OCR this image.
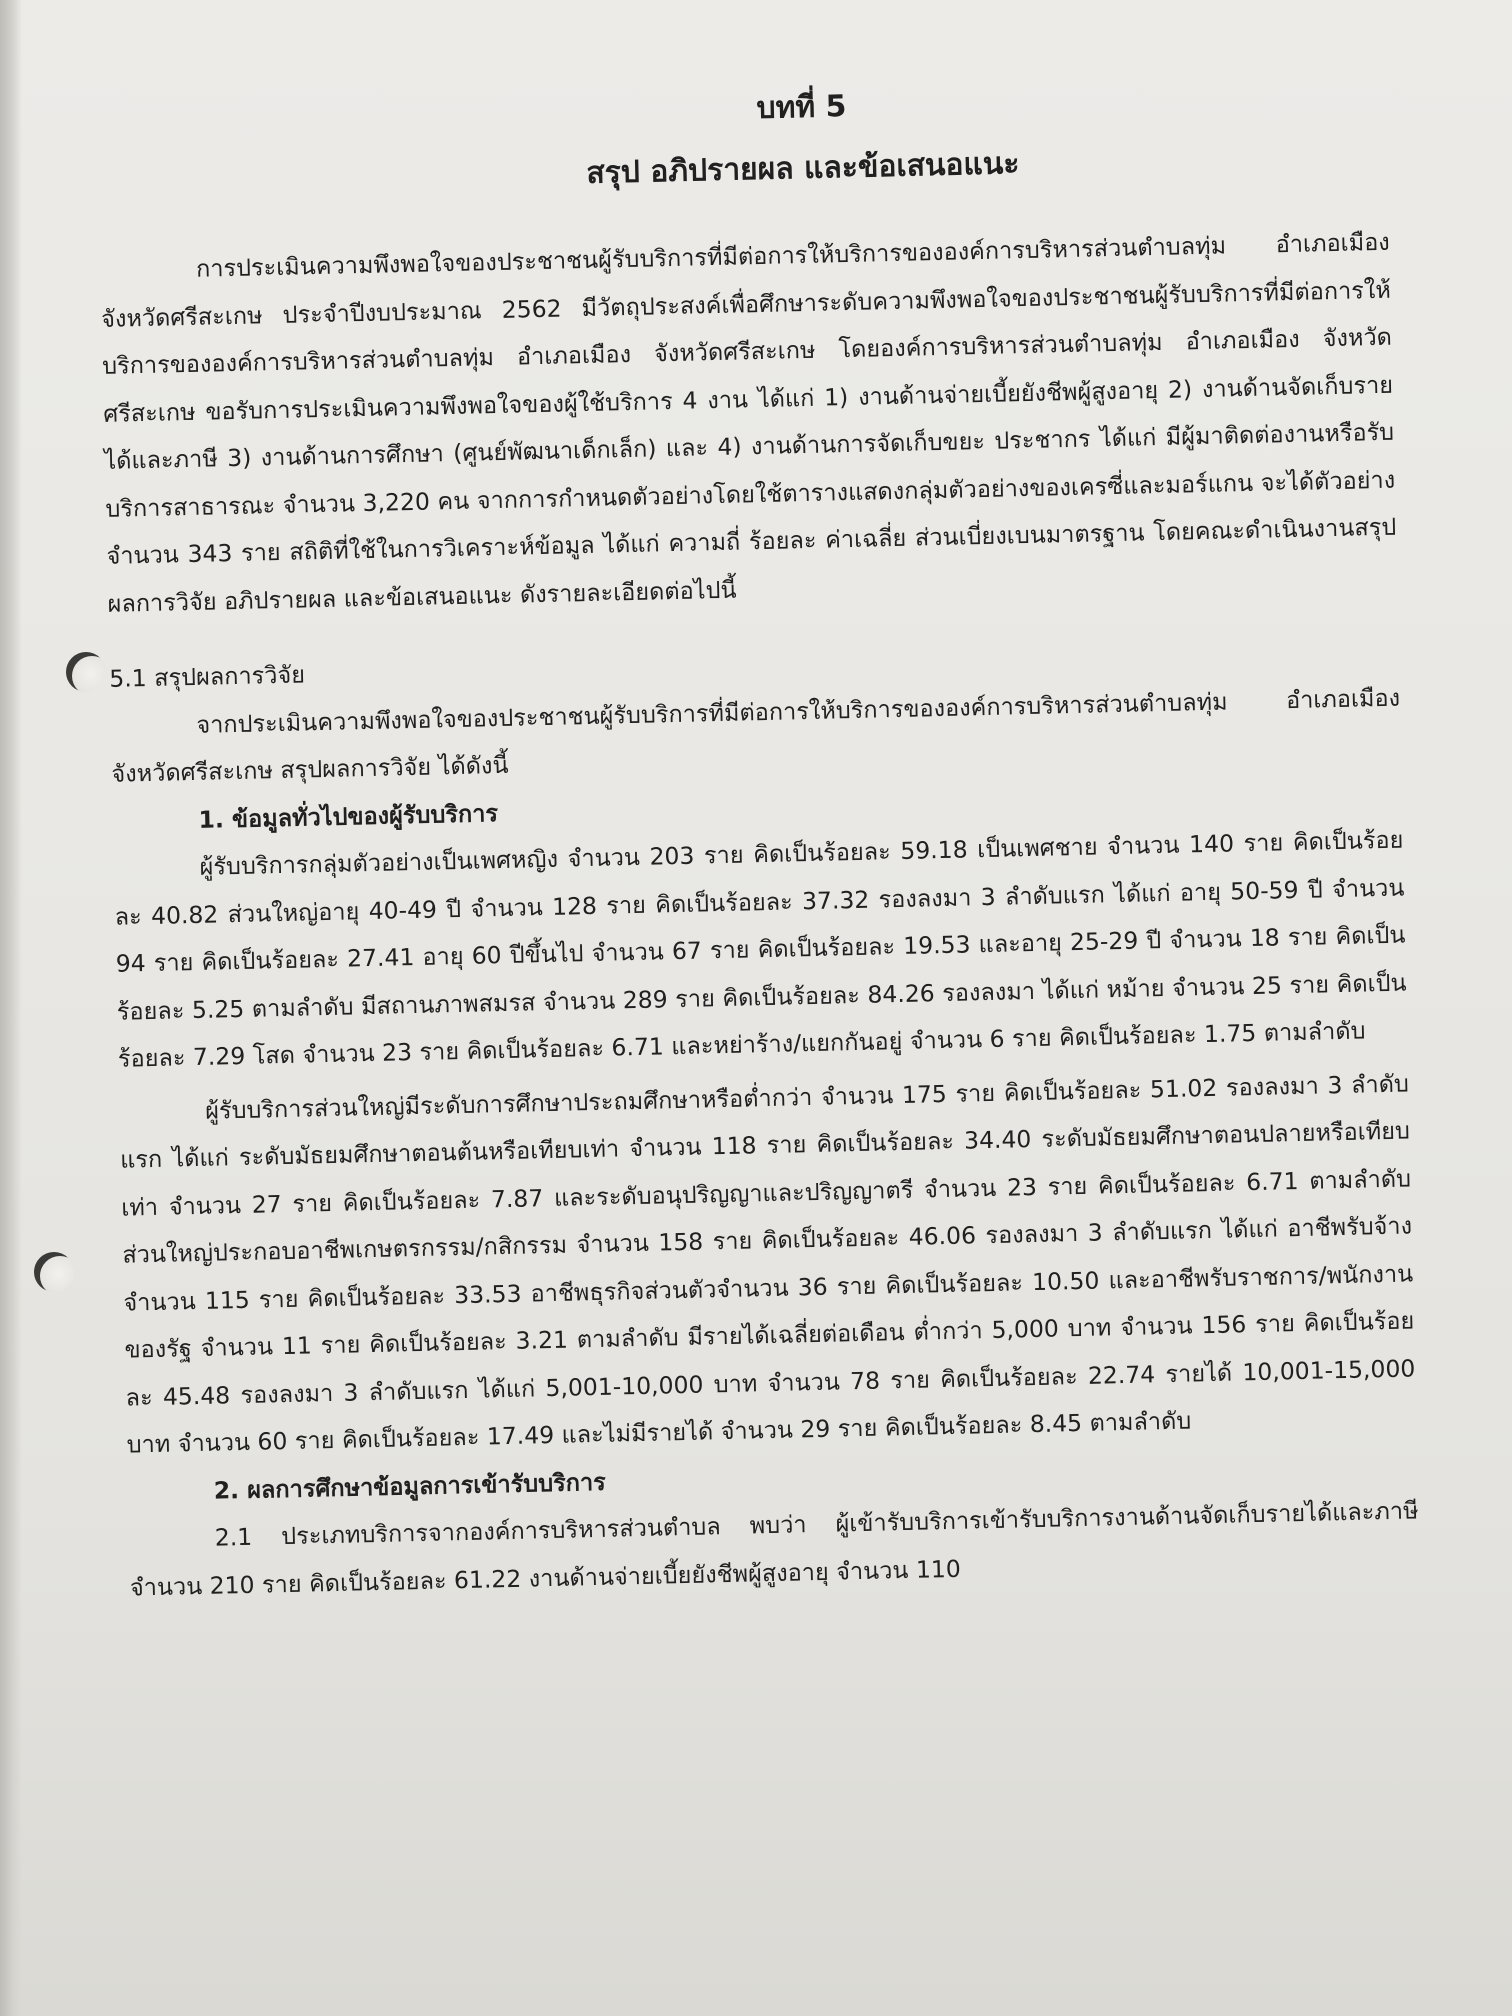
บทที่ 5
สรุป อภิปรายผล และข้อเสนอแนะ

การประเมินความพึงพอใจของประชาชนผู้รับบริการที่มีต่อการให้บริการขององค์การบริหารส่วนตำบลทุ่ม อำเภอเมือง จังหวัดศรีสะเกษ ประจำปีงบประมาณ 2562 มีวัตถุประสงค์เพื่อศึกษาระดับความพึงพอใจของประชาชนผู้รับบริการที่มีต่อการให้บริการขององค์การบริหารส่วนตำบลทุ่ม อำเภอเมือง จังหวัดศรีสะเกษ โดยองค์การบริหารส่วนตำบลทุ่ม อำเภอเมือง จังหวัดศรีสะเกษ ขอรับการประเมินความพึงพอใจของผู้ใช้บริการ 4 งาน ได้แก่ 1) งานด้านจ่ายเบี้ยยังชีพผู้สูงอายุ 2) งานด้านจัดเก็บรายได้และภาษี 3) งานด้านการศึกษา (ศูนย์พัฒนาเด็กเล็ก) และ 4) งานด้านการจัดเก็บขยะ ประชากร ได้แก่ มีผู้มาติดต่องานหรือรับบริการสาธารณะ จำนวน 3,220 คน จากการกำหนดตัวอย่างโดยใช้ตารางแสดงกลุ่มตัวอย่างของเครซี่และมอร์แกน จะได้ตัวอย่าง จำนวน 343 ราย สถิติที่ใช้ในการวิเคราะห์ข้อมูล ได้แก่ ความถี่ ร้อยละ ค่าเฉลี่ย ส่วนเบี่ยงเบนมาตรฐาน โดยคณะดำเนินงานสรุปผลการวิจัย อภิปรายผล และข้อเสนอแนะ ดังรายละเอียดต่อไปนี้

5.1 สรุปผลการวิจัย

จากประเมินความพึงพอใจของประชาชนผู้รับบริการที่มีต่อการให้บริการขององค์การบริหารส่วนตำบลทุ่ม อำเภอเมือง จังหวัดศรีสะเกษ สรุปผลการวิจัย ได้ดังนี้

1. ข้อมูลทั่วไปของผู้รับบริการ

ผู้รับบริการกลุ่มตัวอย่างเป็นเพศหญิง จำนวน 203 ราย คิดเป็นร้อยละ 59.18 เป็นเพศชาย จำนวน 140 ราย คิดเป็นร้อยละ 40.82 ส่วนใหญ่อายุ 40-49 ปี จำนวน 128 ราย คิดเป็นร้อยละ 37.32 รองลงมา 3 ลำดับแรก ได้แก่ อายุ 50-59 ปี จำนวน 94 ราย คิดเป็นร้อยละ 27.41 อายุ 60 ปีขึ้นไป จำนวน 67 ราย คิดเป็นร้อยละ 19.53 และอายุ 25-29 ปี จำนวน 18 ราย คิดเป็นร้อยละ 5.25 ตามลำดับ มีสถานภาพสมรส จำนวน 289 ราย คิดเป็นร้อยละ 84.26 รองลงมา ได้แก่ หม้าย จำนวน 25 ราย คิดเป็นร้อยละ 7.29 โสด จำนวน 23 ราย คิดเป็นร้อยละ 6.71 และหย่าร้าง/แยกกันอยู่ จำนวน 6 ราย คิดเป็นร้อยละ 1.75 ตามลำดับ

ผู้รับบริการส่วนใหญ่มีระดับการศึกษาประถมศึกษาหรือต่ำกว่า จำนวน 175 ราย คิดเป็นร้อยละ 51.02 รองลงมา 3 ลำดับแรก ได้แก่ ระดับมัธยมศึกษาตอนต้นหรือเทียบเท่า จำนวน 118 ราย คิดเป็นร้อยละ 34.40 ระดับมัธยมศึกษาตอนปลายหรือเทียบเท่า จำนวน 27 ราย คิดเป็นร้อยละ 7.87 และระดับอนุปริญญาและปริญญาตรี จำนวน 23 ราย คิดเป็นร้อยละ 6.71 ตามลำดับ ส่วนใหญ่ประกอบอาชีพเกษตรกรรม/กสิกรรม จำนวน 158 ราย คิดเป็นร้อยละ 46.06 รองลงมา 3 ลำดับแรก ได้แก่ อาชีพรับจ้าง จำนวน 115 ราย คิดเป็นร้อยละ 33.53 อาชีพธุรกิจส่วนตัวจำนวน 36 ราย คิดเป็นร้อยละ 10.50 และอาชีพรับราชการ/พนักงานของรัฐ จำนวน 11 ราย คิดเป็นร้อยละ 3.21 ตามลำดับ มีรายได้เฉลี่ยต่อเดือน ต่ำกว่า 5,000 บาท จำนวน 156 ราย คิดเป็นร้อยละ 45.48 รองลงมา 3 ลำดับแรก ได้แก่ 5,001-10,000 บาท จำนวน 78 ราย คิดเป็นร้อยละ 22.74 รายได้ 10,001-15,000 บาท จำนวน 60 ราย คิดเป็นร้อยละ 17.49 และไม่มีรายได้ จำนวน 29 ราย คิดเป็นร้อยละ 8.45 ตามลำดับ

2. ผลการศึกษาข้อมูลการเข้ารับบริการ

2.1 ประเภทบริการจากองค์การบริหารส่วนตำบล พบว่า ผู้เข้ารับบริการเข้ารับบริการงานด้านจัดเก็บรายได้และภาษี จำนวน 210 ราย คิดเป็นร้อยละ 61.22 งานด้านจ่ายเบี้ยยังชีพผู้สูงอายุ จำนวน 110
